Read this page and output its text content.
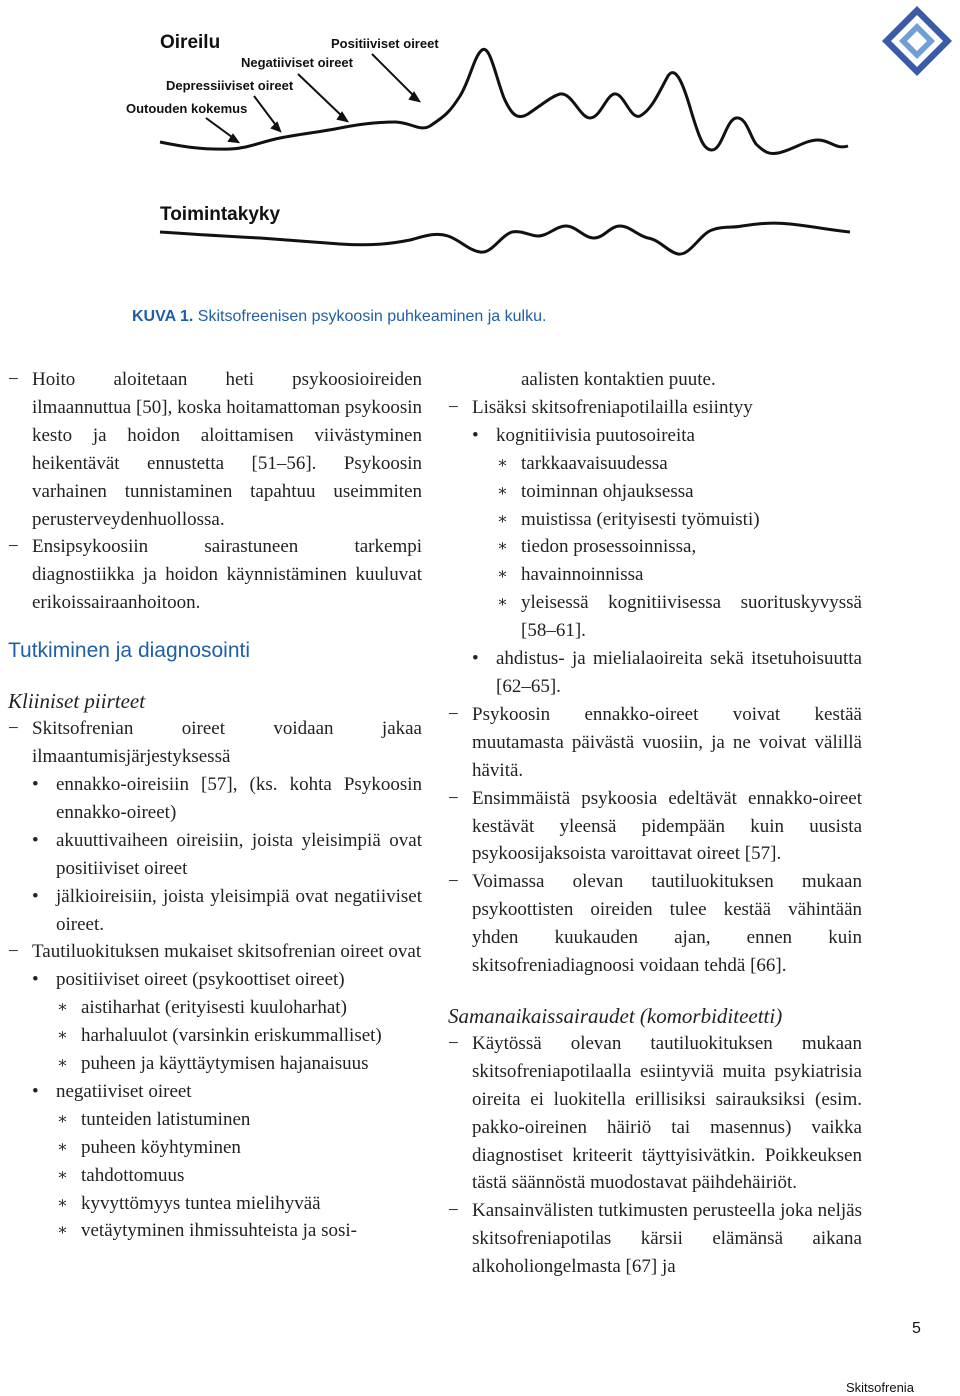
Oireilu	Positiiviset oireet
Negatiiviset oireet
Depressiiviset oireet
Outouden kokemus
Toimintakyky
KUVA 1. Skitsofreenisen psykoosin puhkeaminen ja kulku.
− Hoito aloitetaan heti psykoosioireiden ilmaannuttua [50], koska hoitamattoman psykoosin kesto ja hoidon aloittamisen viivästyminen heikentävät ennustetta [51–56]. Psykoosin varhainen tunnistaminen tapahtuu useimmiten perusterveydenhuollossa.
− Ensipsykoosiin sairastuneen tarkempi diagnostiikka ja hoidon käynnistäminen kuuluvat erikoissairaanhoitoon.
Tutkiminen ja diagnosointi
Kliiniset piirteet
− Skitsofrenian oireet voidaan jakaa ilmaantumisjärjestyksessä
• ennakko-oireisiin [57], (ks. kohta Psykoosin ennakko-oireet)
• akuuttivaiheen oireisiin, joista yleisimpiä ovat positiiviset oireet
• jälkioireisiin, joista yleisimpiä ovat negatiiviset oireet.
− Tautiluokituksen mukaiset skitsofrenian oireet ovat
• positiiviset oireet (psykoottiset oireet)
∗ aistiharhat (erityisesti kuuloharhat)
∗ harhaluulot (varsinkin eriskummalliset)
∗ puheen ja käyttäytymisen hajanaisuus
• negatiiviset oireet
∗ tunteiden latistuminen
∗ puheen köyhtyminen
∗ tahdottomuus
∗ kyvyttömyys tuntea mielihyvää
∗ vetäytyminen ihmissuhteista ja sosi-
aalisten kontaktien puute.
− Lisäksi skitsofreniapotilailla esiintyy
• kognitiivisia puutosoireita
∗ tarkkaavaisuudessa
∗ toiminnan ohjauksessa
∗ muistissa (erityisesti työmuisti)
∗ tiedon prosessoinnissa,
∗ havainnoinnissa
∗ yleisessä kognitiivisessa suorituskyvyssä [58–61].
• ahdistus- ja mielialaoireita sekä itsetuhoisuutta [62–65].
− Psykoosin ennakko-oireet voivat kestää muutamasta päivästä vuosiin, ja ne voivat välillä hävitä.
− Ensimmäistä psykoosia edeltävät ennakko-oireet kestävät yleensä pidempään kuin uusista psykoosijaksoista varoittavat oireet [57].
− Voimassa olevan tautiluokituksen mukaan psykoottisten oireiden tulee kestää vähintään yhden kuukauden ajan, ennen kuin skitsofreniadiagnoosi voidaan tehdä [66].
Samanaikaissairaudet (komorbiditeetti)
− Käytössä olevan tautiluokituksen mukaan skitsofreniapotilaalla esiintyviä muita psykiatrisia oireita ei luokitella erillisiksi sairauksiksi (esim. pakko-oireinen häiriö tai masennus) vaikka diagnostiset kriteerit täyttyisivätkin. Poikkeuksen tästä säännöstä muodostavat päihdehäiriöt.
− Kansainvälisten tutkimusten perusteella joka neljäs skitsofreniapotilas kärsii elämänsä aikana alkoholiongelmasta [67] ja
5
Skitsofrenia
